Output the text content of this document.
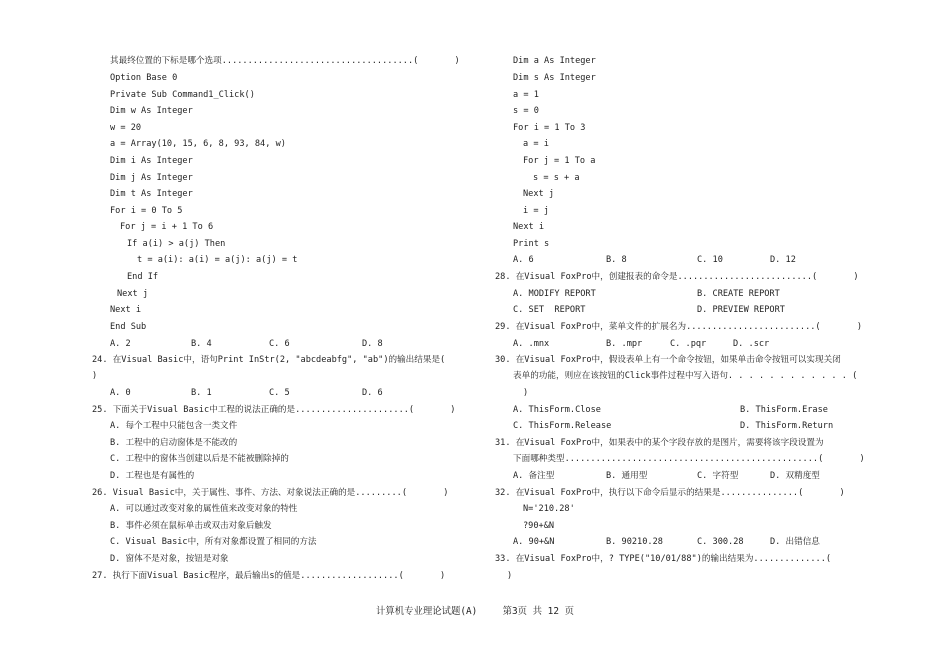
其最终位置的下标是哪个选项.....................................(       )
Option Base 0
Private Sub Command1_Click()
Dim w As Integer
w = 20
a = Array(10, 15, 6, 8, 93, 84, w)
Dim i As Integer
Dim j As Integer
Dim t As Integer
For i = 0 To 5
For j = i + 1 To 6
If a(i) > a(j) Then
t = a(i): a(i) = a(j): a(j) = t
End If
Next j
Next i
End Sub
A. 2	B. 4	C. 6	D. 8
24. 在Visual Basic中，语句Print InStr(2, "abcdeabfg", "ab")的输出结果是(
)
A. 0	B. 1	C. 5	D. 6
25. 下面关于Visual Basic中工程的说法正确的是......................(       )
A. 每个工程中只能包含一类文件
B. 工程中的启动窗体是不能改的
C. 工程中的窗体当创建以后是不能被删除掉的
D. 工程也是有属性的
26. Visual Basic中，关于属性、事件、方法、对象说法正确的是.........(       )
A. 可以通过改变对象的属性值来改变对象的特性
B. 事件必须在鼠标单击或双击对象后触发
C. Visual Basic中，所有对象都设置了相同的方法
D. 窗体不是对象，按钮是对象
27. 执行下面Visual Basic程序，最后输出s的值是...................(       )
Dim a As Integer
Dim s As Integer
a = 1
s = 0
For i = 1 To 3
a = i
For j = 1 To a
s = s + a
Next j
i = j
Next i
Print s
A. 6	B. 8	C. 10	D. 12
28. 在Visual FoxPro中，创建报表的命令是..........................(       )
A. MODIFY REPORT	B. CREATE REPORT
C. SET  REPORT	D. PREVIEW REPORT
29. 在Visual FoxPro中，菜单文件的扩展名为.........................(       )
A. .mnx	B. .mpr	C. .pqr	D. .scr
30. 在Visual FoxPro中，假设表单上有一个命令按钮，如果单击命令按钮可以实现关闭
表单的功能，则应在该按钮的Click事件过程中写入语句. . . . . . . . . . . . (
)
A. ThisForm.Close	B. ThisForm.Erase
C. ThisForm.Release	D. ThisForm.Return
31. 在Visual FoxPro中，如果表中的某个字段存放的是图片，需要将该字段设置为
下面哪种类型.................................................(       )
A. 备注型	B. 通用型	C. 字符型	D. 双精度型
32. 在Visual FoxPro中，执行以下命令后显示的结果是...............(       )
N='210.28'
?90+&N
A. 90+&N	B. 90210.28	C. 300.28	D. 出错信息
33. 在Visual FoxPro中，? TYPE("10/01/88")的输出结果为..............(
)
计算机专业理论试题(A)	第3页 共 12 页
